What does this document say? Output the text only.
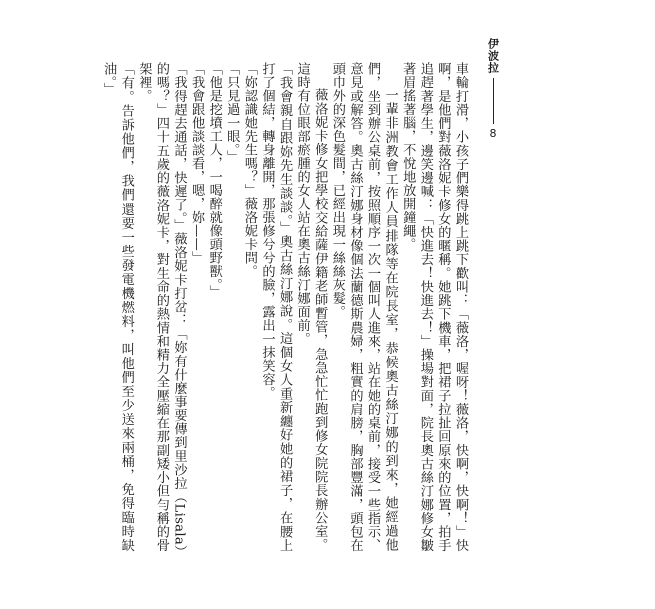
伊波拉
8

車輪打滑，小孩子們樂得跳上跳下歡叫：「薇洛，喔呀！薇洛，快啊，快啊！」快啊，是他們對薇洛妮卡修女的暱稱。她跳下機車，把裙子拉扯回原來的位置，拍手追趕著學生，邊笑邊喊：「快進去！快進去！」操場對面，院長奧古絲汀娜修女皺著眉搖著腦，不悅地放開鐘繩。

一輩非洲教會工作人員排隊等在院長室，恭候奧古絲汀娜的到來，她經過他們，坐到辦公桌前，按照順序一次一個叫人進來，站在她的桌前，接受一些指示、意見或解答。奧古絲汀娜身材像個法蘭德斯農婦，粗實的肩膀，胸部豐滿，頭包在頭巾外的深色髮間，已經出現一絲絲灰髮。

薇洛妮卡修女把學校交給薩伊籍老師暫管，急急忙忙跑到修女院院長辦公室。這時有位眼部瘀腫的女人站在奧古絲汀娜面前。

「我會親自跟妳先生談談。」奧古絲汀娜說。這個女人重新纏好她的裙子，在腰上打了個結，轉身離開，那張修兮兮的臉，露出一抹笑容。

「妳認識她先生嗎？」薇洛妮卡問。

「只見過一眼。」

「他是挖墳工人，一喝醉就像頭野獸。」

「我會跟他談談看，嗯，妳——」

「我得趕去通話，快遲了。」薇洛妮卡打岔：「妳有什麼事要傳到里沙拉（Lisala）的嗎？」四十五歲的薇洛妮卡，對生命的熱情和精力全壓縮在那副矮小但勻稱的骨架裡。

「有。告訴他們，我們還要一些發電機燃料，叫他們至少送來兩桶，免得臨時缺油。」
